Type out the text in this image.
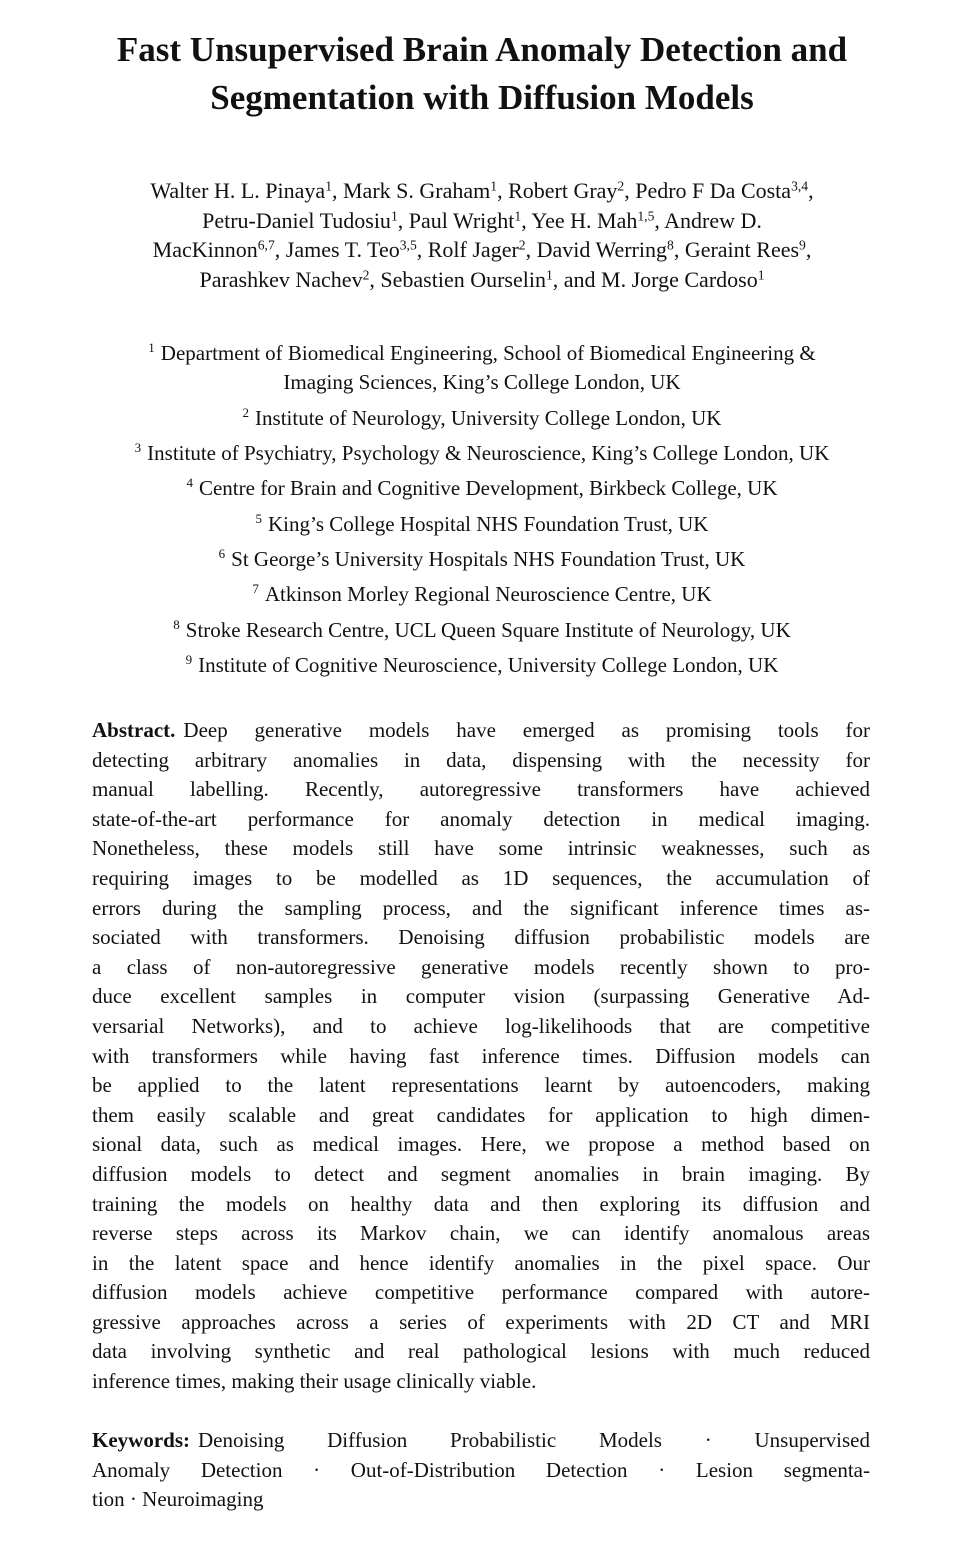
Fast Unsupervised Brain Anomaly Detection and
Segmentation with Diffusion Models
Walter H. L. Pinaya$^1$, Mark S. Graham$^1$, Robert Gray$^2$, Pedro F Da Costa$^{3,4}$,
Petru-Daniel Tudosiu$^1$, Paul Wright$^1$, Yee H. Mah$^{1,5}$, Andrew D.
MacKinnon$^{6,7}$, James T. Teo$^{3,5}$, Rolf Jager$^2$, David Werring$^8$, Geraint Rees$^9$,
Parashkev Nachev$^2$, Sebastien Ourselin$^1$, and M. Jorge Cardoso$^1$
$^1$ Department of Biomedical Engineering, School of Biomedical Engineering &
Imaging Sciences, King’s College London, UK
$^2$ Institute of Neurology, University College London, UK
$^3$ Institute of Psychiatry, Psychology & Neuroscience, King’s College London, UK
$^4$ Centre for Brain and Cognitive Development, Birkbeck College, UK
$^5$ King’s College Hospital NHS Foundation Trust, UK
$^6$ St George’s University Hospitals NHS Foundation Trust, UK
$^7$ Atkinson Morley Regional Neuroscience Centre, UK
$^8$ Stroke Research Centre, UCL Queen Square Institute of Neurology, UK
$^9$ Institute of Cognitive Neuroscience, University College London, UK
Abstract. Deep generative models have emerged as promising tools for
detecting arbitrary anomalies in data, dispensing with the necessity for
manual labelling. Recently, autoregressive transformers have achieved
state-of-the-art performance for anomaly detection in medical imaging.
Nonetheless, these models still have some intrinsic weaknesses, such as
requiring images to be modelled as 1D sequences, the accumulation of
errors during the sampling process, and the significant inference times as-
sociated with transformers. Denoising diffusion probabilistic models are
a class of non-autoregressive generative models recently shown to pro-
duce excellent samples in computer vision (surpassing Generative Ad-
versarial Networks), and to achieve log-likelihoods that are competitive
with transformers while having fast inference times. Diffusion models can
be applied to the latent representations learnt by autoencoders, making
them easily scalable and great candidates for application to high dimen-
sional data, such as medical images. Here, we propose a method based on
diffusion models to detect and segment anomalies in brain imaging. By
training the models on healthy data and then exploring its diffusion and
reverse steps across its Markov chain, we can identify anomalous areas
in the latent space and hence identify anomalies in the pixel space. Our
diffusion models achieve competitive performance compared with autore-
gressive approaches across a series of experiments with 2D CT and MRI
data involving synthetic and real pathological lesions with much reduced
inference times, making their usage clinically viable.
Keywords: Denoising Diffusion Probabilistic Models · Unsupervised
Anomaly Detection · Out-of-Distribution Detection · Lesion segmenta-
tion · Neuroimaging
